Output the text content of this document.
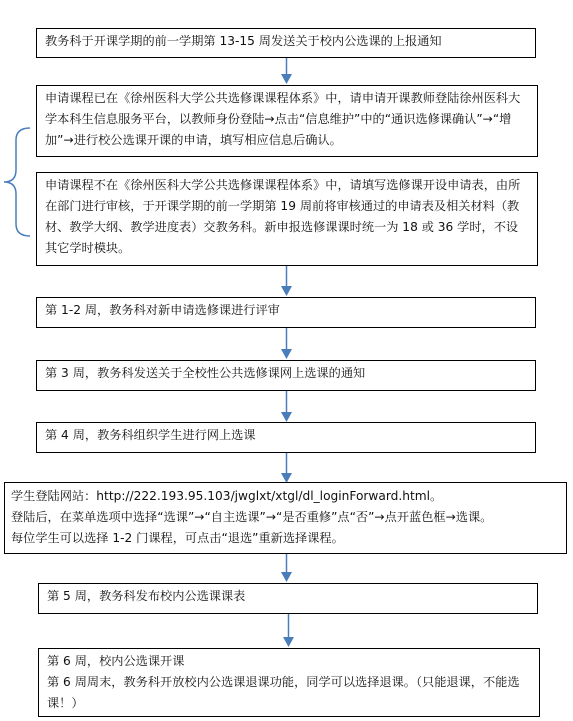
教务科于开课学期的前一学期第 13-15 周发送关于校内公选课的上报通知

申请课程已在《徐州医科大学公共选修课课程体系》中，请申请开课教师登陆徐州医科大学本科生信息服务平台，以教师身份登陆→点击“信息维护”中的“通识选修课确认”→“增加”→进行校公选课开课的申请，填写相应信息后确认。

申请课程不在《徐州医科大学公共选修课课程体系》中，请填写选修课开设申请表，由所在部门进行审核，于开课学期的前一学期第 19 周前将审核通过的申请表及相关材料（教材、教学大纲、教学进度表）交教务科。新申报选修课课时统一为 18 或 36 学时，不设其它学时模块。

第 1-2 周，教务科对新申请选修课进行评审

第 3 周，教务科发送关于全校性公共选修课网上选课的通知

第 4 周，教务科组织学生进行网上选课

学生登陆网站：http://222.193.95.103/jwglxt/xtgl/dl_loginForward.html。

登陆后，在菜单选项中选择“选课”→“自主选课”→“是否重修”点“否”→点开蓝色框→选课。

每位学生可以选择 1-2 门课程，可点击“退选”重新选择课程。

第 5 周，教务科发布校内公选课课表

第 6 周，校内公选课开课

第 6 周周末，教务科开放校内公选课退课功能，同学可以选择退课。（只能退课，不能选课！）
